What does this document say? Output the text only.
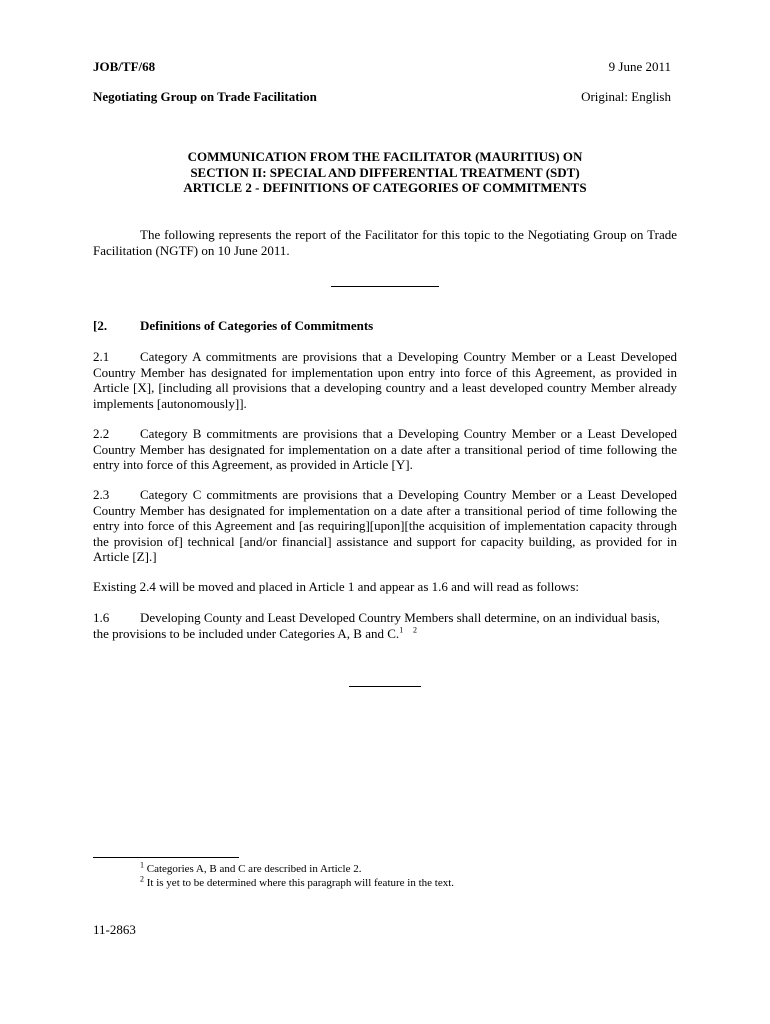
JOB/TF/68	9 June 2011
Negotiating Group on Trade Facilitation	Original: English
COMMUNICATION FROM THE FACILITATOR (MAURITIUS) ON
SECTION II: SPECIAL AND DIFFERENTIAL TREATMENT (SDT)
ARTICLE 2 - DEFINITIONS OF CATEGORIES OF COMMITMENTS
The following represents the report of the Facilitator for this topic to the Negotiating Group on Trade Facilitation (NGTF) on 10 June 2011.
[2.	Definitions of Categories of Commitments
2.1 Category A commitments are provisions that a Developing Country Member or a Least Developed Country Member has designated for implementation upon entry into force of this Agreement, as provided in Article [X], [including all provisions that a developing country and a least developed country Member already implements [autonomously]].
2.2 Category B commitments are provisions that a Developing Country Member or a Least Developed Country Member has designated for implementation on a date after a transitional period of time following the entry into force of this Agreement, as provided in Article [Y].
2.3 Category C commitments are provisions that a Developing Country Member or a Least Developed Country Member has designated for implementation on a date after a transitional period of time following the entry into force of this Agreement and [as requiring][upon][the acquisition of implementation capacity through the provision of] technical [and/or financial] assistance and support for capacity building, as provided for in Article [Z].]
Existing 2.4 will be moved and placed in Article 1 and appear as 1.6 and will read as follows:
1.6 Developing County and Least Developed Country Members shall determine, on an individual basis, the provisions to be included under Categories A, B and C.$^1$ $^2$
$^1$ Categories A, B and C are described in Article 2.
$^2$ It is yet to be determined where this paragraph will feature in the text.
11-2863
